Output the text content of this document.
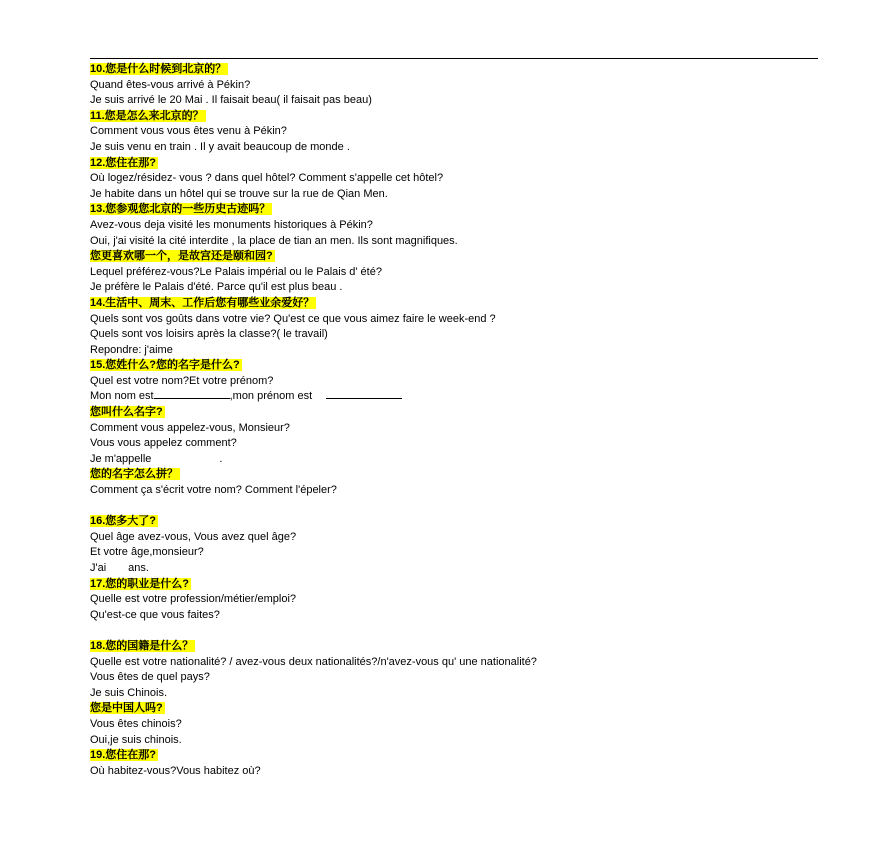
10.您是什么时候到北京的？
Quand êtes-vous arrivé à Pékin?
Je suis arrivé le 20 Mai . Il faisait beau( il faisait pas beau)
11.您是怎么来北京的？
Comment vous vous êtes venu à Pékin?
Je suis venu en train . Il y avait beaucoup de monde .
12.您住在那?
Où logez/résidez- vous ? dans quel hôtel? Comment s'appelle cet hôtel?
Je habite dans un hôtel qui se trouve sur la rue de Qian Men.
13.您参观您北京的一些历史古迹吗？
Avez-vous deja visité les monuments historiques à Pékin?
Oui, j'ai visité la cité interdite , la place de tian an men. Ils sont magnifiques.
您更喜欢哪一个，是故宫还是颐和园?
Lequel préférez-vous?Le Palais impérial ou le Palais d' été?
Je préfère le Palais d'été. Parce qu'il est plus beau .
14.生活中、周末、工作后您有哪些业余爱好？
Quels sont vos goûts dans votre vie? Qu'est ce que vous aimez faire le week-end ?
Quels sont vos loisirs après la classe?( le travail)
Repondre: j'aime
15.您姓什么?您的名字是什么?
Quel est votre nom?Et votre prénom?
Mon nom est	,mon prénom est
您叫什么名字?
Comment vous appelez-vous, Monsieur?
Vous vous appelez comment?
Je m'appelle	.
您的名字怎么拼？
Comment ça s'écrit votre nom? Comment l'épeler?
16.您多大了?
Quel âge avez-vous, Vous avez quel âge?
Et votre âge,monsieur?
J'ai ans.
17.您的职业是什么?
Quelle est votre profession/métier/emploi?
Qu'est-ce que vous faites?
18.您的国籍是什么？
Quelle est votre nationalité? / avez-vous deux nationalités?/n'avez-vous qu' une nationalité?
Vous êtes de quel pays?
Je suis Chinois.
您是中国人吗?
Vous êtes chinois?
Oui,je suis chinois.
19.您住在那?
Où habitez-vous?Vous habitez où?
